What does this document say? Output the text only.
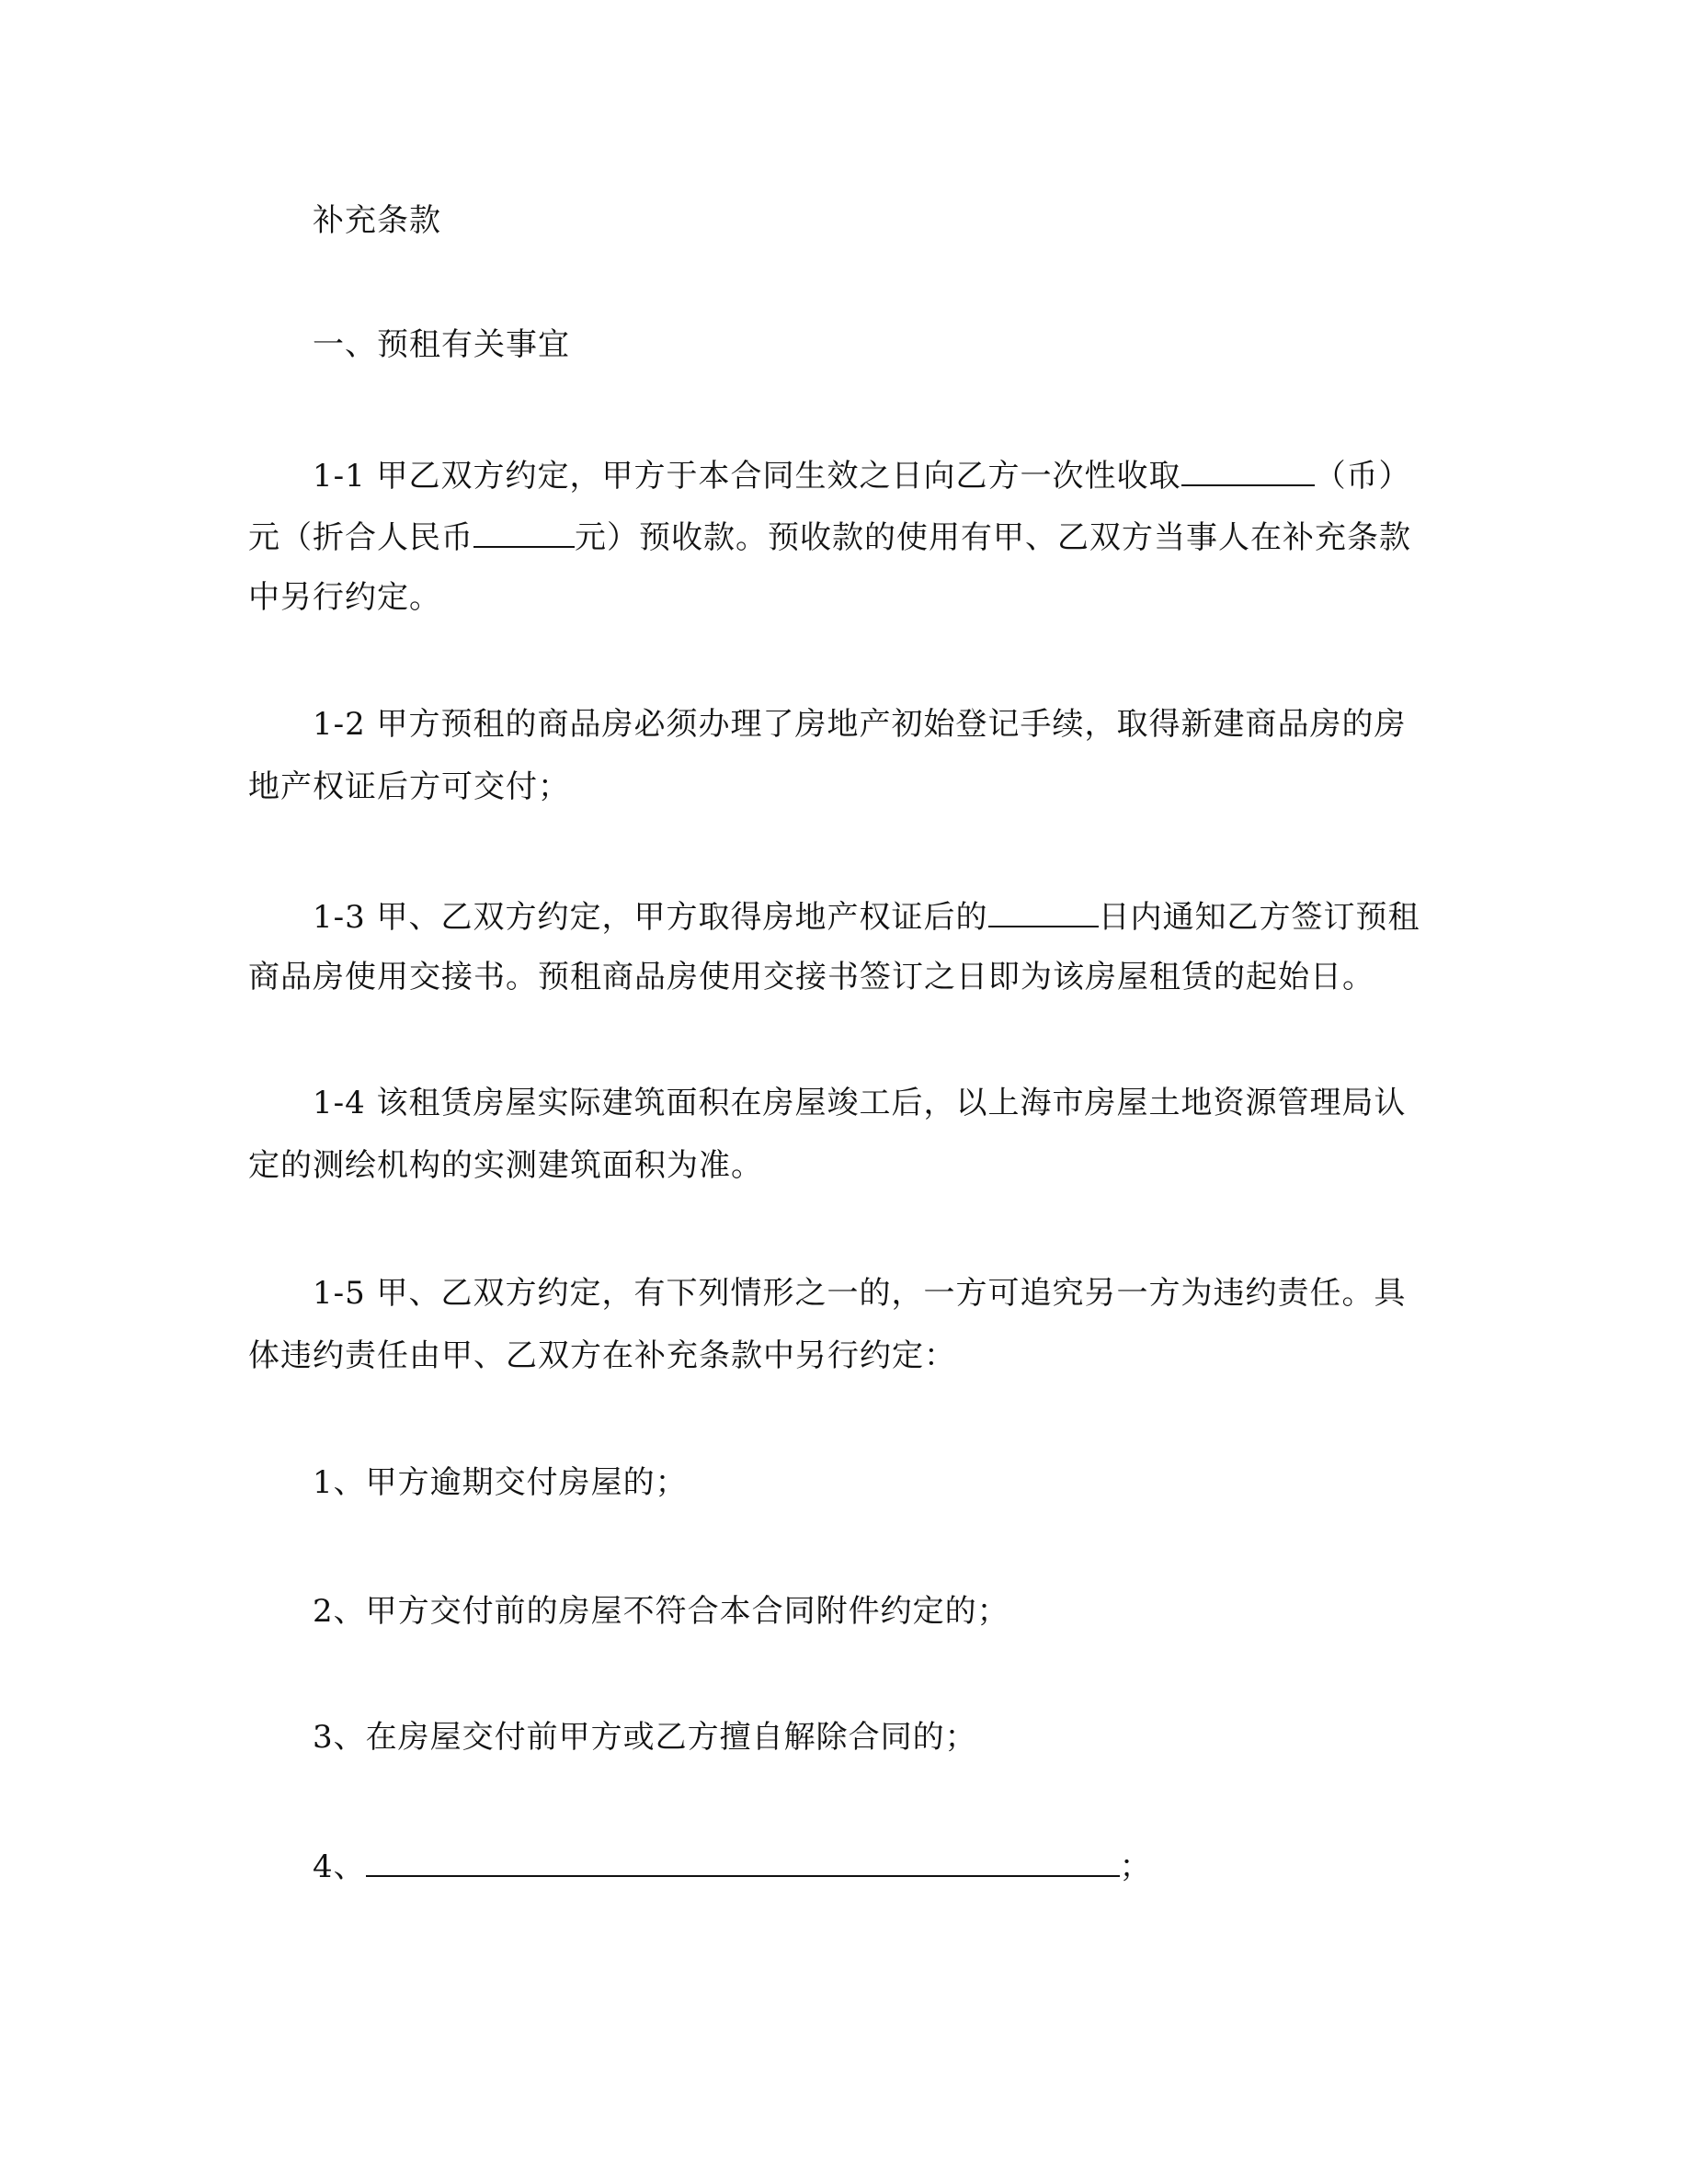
补充条款
一、预租有关事宜
1-1 甲乙双方约定，甲方于本合同生效之日向乙方一次性收取	（币）
元（折合人民币	元）预收款。预收款的使用有甲、乙双方当事人在补充条款
中另行约定。
1-2 甲方预租的商品房必须办理了房地产初始登记手续，取得新建商品房的房
地产权证后方可交付；
1-3 甲、乙双方约定，甲方取得房地产权证后的	日内通知乙方签订预租
商品房使用交接书。预租商品房使用交接书签订之日即为该房屋租赁的起始日。
1-4 该租赁房屋实际建筑面积在房屋竣工后，以上海市房屋土地资源管理局认
定的测绘机构的实测建筑面积为准。
1-5 甲、乙双方约定，有下列情形之一的，一方可追究另一方为违约责任。具
体违约责任由甲、乙双方在补充条款中另行约定：
1、甲方逾期交付房屋的；
2、甲方交付前的房屋不符合本合同附件约定的；
3、在房屋交付前甲方或乙方擅自解除合同的；
4、	；
